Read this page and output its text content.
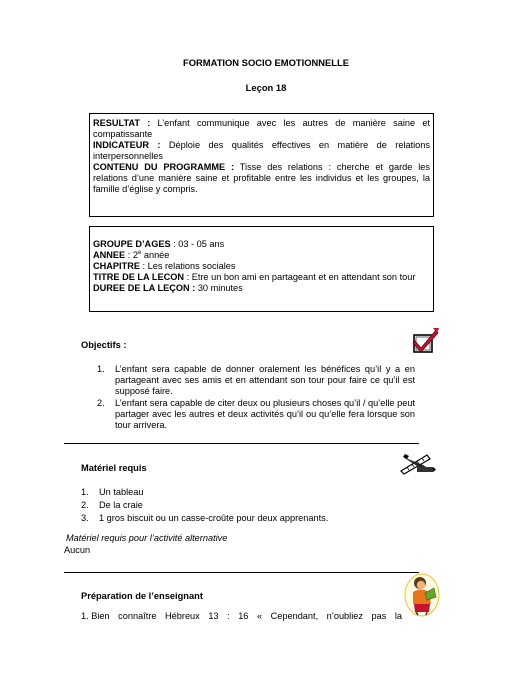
FORMATION SOCIO EMOTIONNELLE
Leçon 18

RESULTAT : L’enfant communique avec les autres de manière saine et compatissante

INDICATEUR : Déploie des qualités effectives en matière de relations interpersonnelles

CONTENU DU PROGRAMME : Tisse des relations : cherche et garde les relations d’une manière saine et profitable entre les individus et les groupes, la famille d’église y compris.

GROUPE D’AGES : 03 - 05 ans

ANNEE : 2e année

CHAPITRE : Les relations sociales

TITRE DE LA LECON : Etre un bon ami en partageant et en attendant son tour

DUREE DE LA LEÇON : 30 minutes

Objectifs :
1. L’enfant sera capable de donner oralement les bénéfices qu’il y a en partageant avec ses amis et en attendant son tour pour faire ce qu’il est supposé faire.
2. L’enfant sera capable de citer deux ou plusieurs choses qu’il / qu’elle peut partager avec les autres et deux activités qu’il ou qu’elle fera lorsque son tour arrivera.
Matériel requis
1. Un tableau
2. De la craie
3. 1 gros biscuit ou un casse-croûte pour deux apprenants.
Matériel requis pour l’activité alternative
Aucun
Préparation de l’enseignant
1. Bien connaître Hébreux 13 : 16 « Cependant, n’oubliez pas la
